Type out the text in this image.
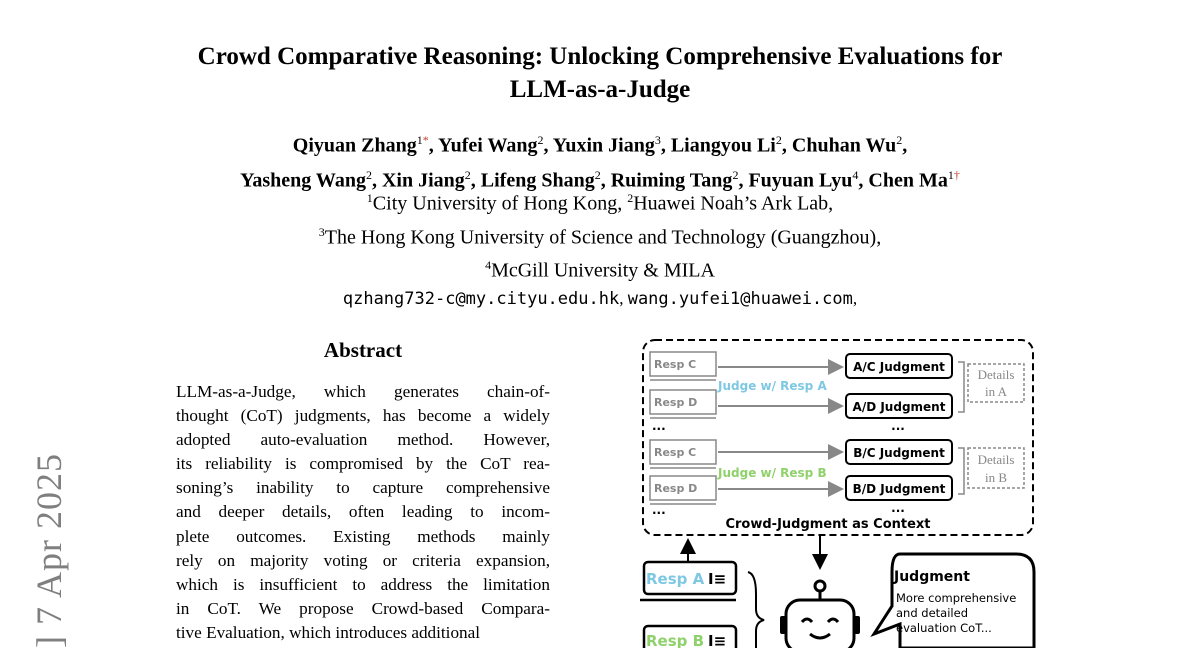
Crowd Comparative Reasoning: Unlocking Comprehensive Evaluations for
LLM-as-a-Judge
Qiyuan Zhang$^{1*}$, Yufei Wang$^2$, Yuxin Jiang$^3$, Liangyou Li$^2$, Chuhan Wu$^2$,
Yasheng Wang$^2$, Xin Jiang$^2$, Lifeng Shang$^2$, Ruiming Tang$^2$, Fuyuan Lyu$^4$, Chen $Ma^{1\dagger}$
$^1$City University of Hong Kong, $^2$Huawei Noah’s Ark Lab,
$^3$The Hong Kong University of Science and Technology (Guangzhou),
$^4$McGill University & MILA
qzhang732-c@my.cityu.edu.hk, wang.yufei1@huawei.com,
] 7 Apr 2025
Abstract
LLM-as-a-Judge, which generates chain-of-
thought (CoT) judgments, has become a widely
adopted auto-evaluation method. However,
its reliability is compromised by the CoT rea-
soning’s inability to capture comprehensive
and deeper details, often leading to incom-
plete outcomes. Existing methods mainly
rely on majority voting or criteria expansion,
which is insufficient to address the limitation
in CoT. We propose Crowd-based Compara-
tive Evaluation, which introduces additional
Resp C
Resp D
...
Judge w/ Resp A
A/C Judgment
A/D Judgment
...
Details
in A
Resp C
Resp D
...
Judge w/ Resp B
B/C Judgment
B/D Judgment
...
Details
in B
Crowd-Judgment as Context
Resp A I≡
Resp B I≡
Judgment
More comprehensive
and detailed
evaluation CoT...
